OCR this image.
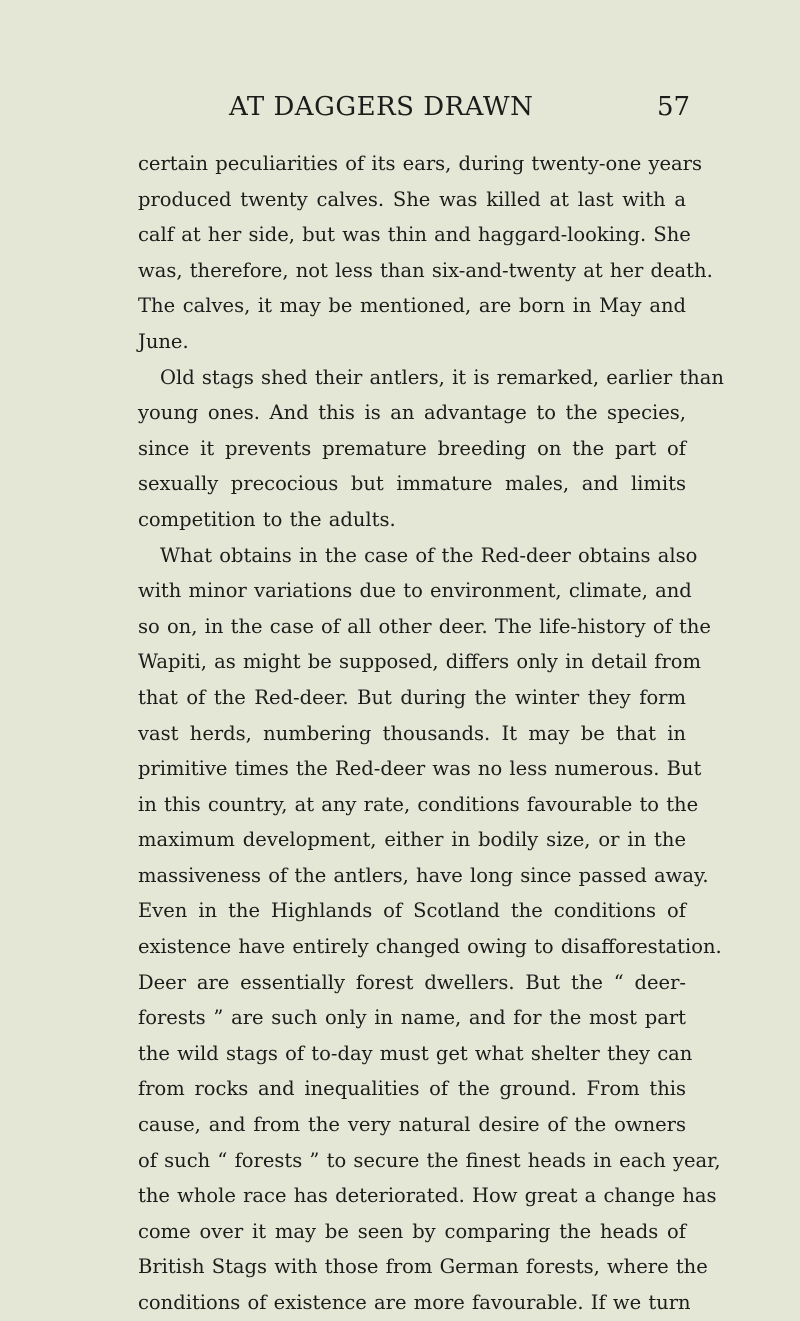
AT DAGGERS DRAWN	57
certain peculiarities of its ears, during twenty-one years
produced twenty calves. She was killed at last with a
calf at her side, but was thin and haggard-looking. She
was, therefore, not less than six-and-twenty at her death.
The calves, it may be mentioned, are born in May and
June.
Old stags shed their antlers, it is remarked, earlier than
young ones. And this is an advantage to the species,
since it prevents premature breeding on the part of
sexually precocious but immature males, and limits
competition to the adults.
What obtains in the case of the Red-deer obtains also
with minor variations due to environment, climate, and
so on, in the case of all other deer. The life-history of the
Wapiti, as might be supposed, differs only in detail from
that of the Red-deer. But during the winter they form
vast herds, numbering thousands. It may be that in
primitive times the Red-deer was no less numerous. But
in this country, at any rate, conditions favourable to the
maximum development, either in bodily size, or in the
massiveness of the antlers, have long since passed away.
Even in the Highlands of Scotland the conditions of
existence have entirely changed owing to disafforestation.
Deer are essentially forest dwellers. But the “ deer-
forests ” are such only in name, and for the most part
the wild stags of to-day must get what shelter they can
from rocks and inequalities of the ground. From this
cause, and from the very natural desire of the owners
of such “ forests ” to secure the finest heads in each year,
the whole race has deteriorated. How great a change has
come over it may be seen by comparing the heads of
British Stags with those from German forests, where the
conditions of existence are more favourable. If we turn
